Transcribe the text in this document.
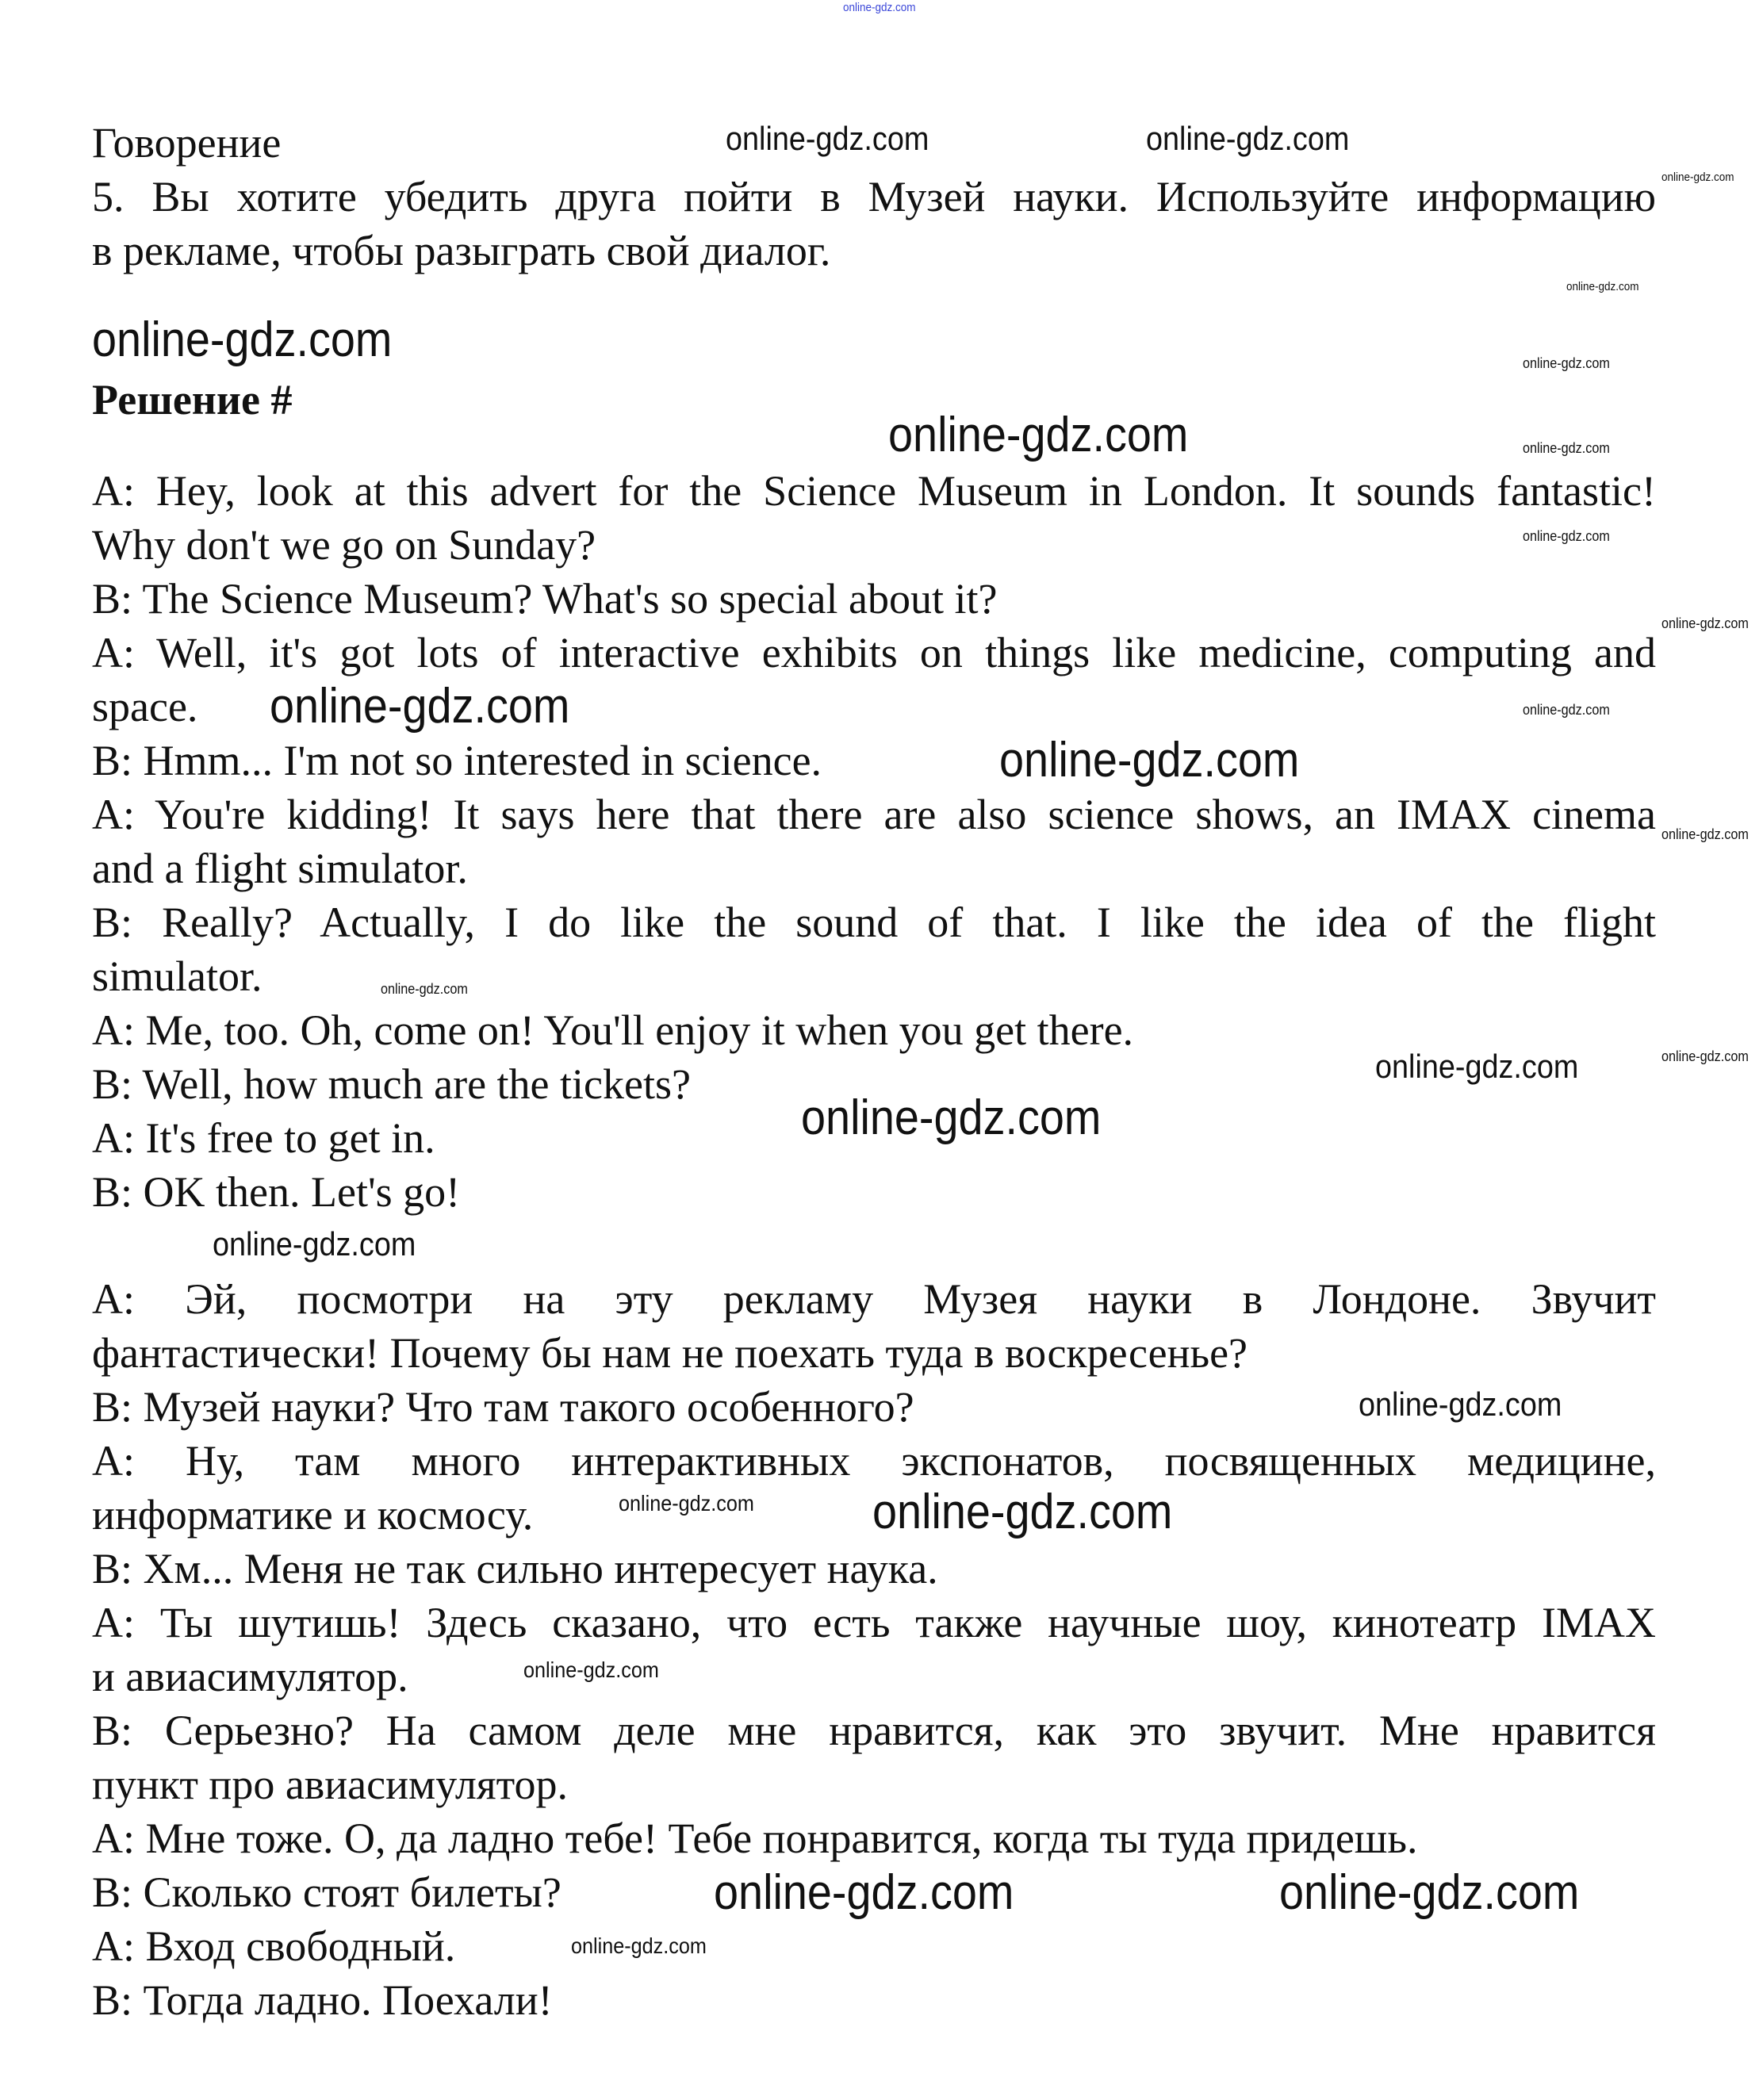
Говорение
5. Вы хотите убедить друга пойти в Музей науки. Используйте информацию
в рекламе, чтобы разыграть свой диалог.
Решение #
A: Hey, look at this advert for the Science Museum in London. It sounds fantastic!
Why don't we go on Sunday?
B: The Science Museum? What's so special about it?
A: Well, it's got lots of interactive exhibits on things like medicine, computing and
space.
B: Hmm... I'm not so interested in science.
A: You're kidding! It says here that there are also science shows, an IMAX cinema
and a flight simulator.
B: Really? Actually, I do like the sound of that. I like the idea of the flight
simulator.
A: Me, too. Oh, come on! You'll enjoy it when you get there.
B: Well, how much are the tickets?
A: It's free to get in.
B: OK then. Let's go!
A: Эй, посмотри на эту рекламу Музея науки в Лондоне. Звучит
фантастически! Почему бы нам не поехать туда в воскресенье?
B: Музей науки? Что там такого особенного?
A: Ну, там много интерактивных экспонатов, посвященных медицине,
информатике и космосу.
B: Хм... Меня не так сильно интересует наука.
A: Ты шутишь! Здесь сказано, что есть также научные шоу, кинотеатр IMAX
и авиасимулятор.
B: Серьезно? На самом деле мне нравится, как это звучит. Мне нравится
пункт про авиасимулятор.
A: Мне тоже. О, да ладно тебе! Тебе понравится, когда ты туда придешь.
B: Сколько стоят билеты?
A: Вход свободный.
B: Тогда ладно. Поехали!
online-gdz.com
online-gdz.com	online-gdz.com
online-gdz.com
online-gdz.com
online-gdz.com	online-gdz.com
online-gdz.com	online-gdz.com
online-gdz.com
online-gdz.com
online-gdz.com	online-gdz.com
online-gdz.com
online-gdz.com
online-gdz.com
online-gdz.com
online-gdz.com
online-gdz.com
online-gdz.com
online-gdz.com
online-gdz.com online-gdz.com
online-gdz.com
online-gdz.com
online-gdz.com	online-gdz.com
